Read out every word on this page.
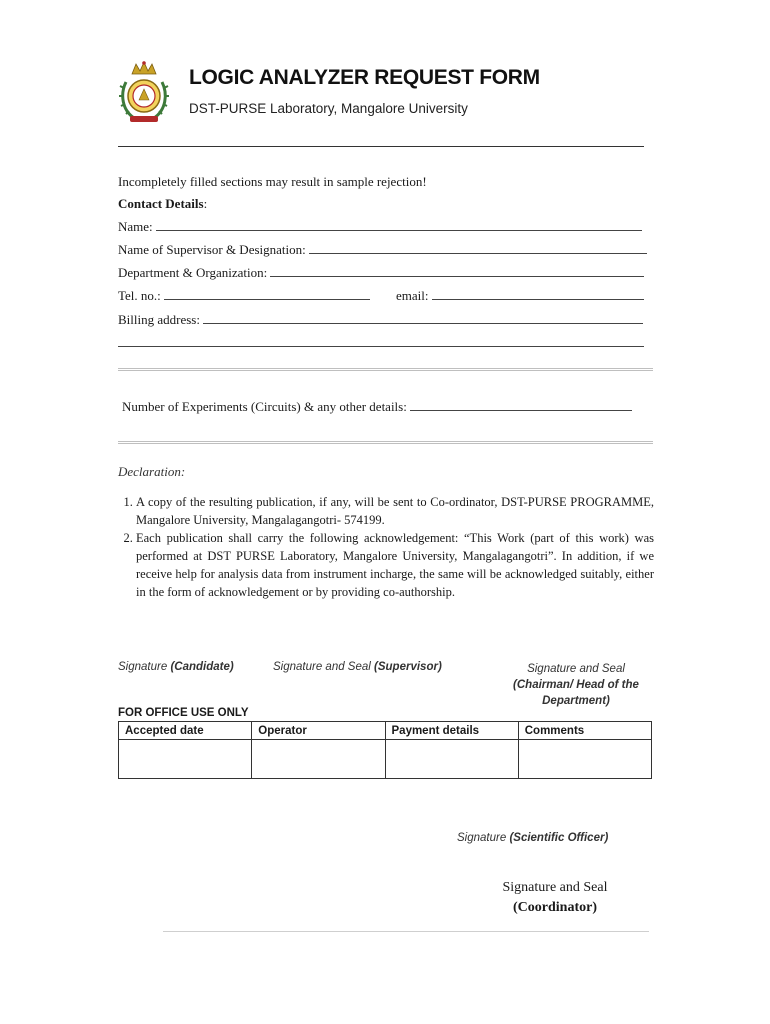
LOGIC ANALYZER REQUEST FORM
DST-PURSE Laboratory, Mangalore University
Incompletely filled sections may result in sample rejection!
Contact Details:
Name:
Name of Supervisor & Designation:
Department & Organization:
Tel. no.:	email:
Billing address:
Number of Experiments (Circuits) & any other details:
Declaration:
1. A copy of the resulting publication, if any, will be sent to Co-ordinator, DST-PURSE PROGRAMME, Mangalore University, Mangalagangotri- 574199.
2. Each publication shall carry the following acknowledgement: “This Work (part of this work) was performed at DST PURSE Laboratory, Mangalore University, Mangalagangotri”. In addition, if we receive help for analysis data from instrument incharge, the same will be acknowledged suitably, either in the form of acknowledgement or by providing co-authorship.
Signature (Candidate)	Signature and Seal (Supervisor)	Signature and Seal
(Chairman/ Head of the
Department)
FOR OFFICE USE ONLY
Accepted date	Operator	Payment details	Comments

Signature (Scientific Officer)
Signature and Seal
(Coordinator)
